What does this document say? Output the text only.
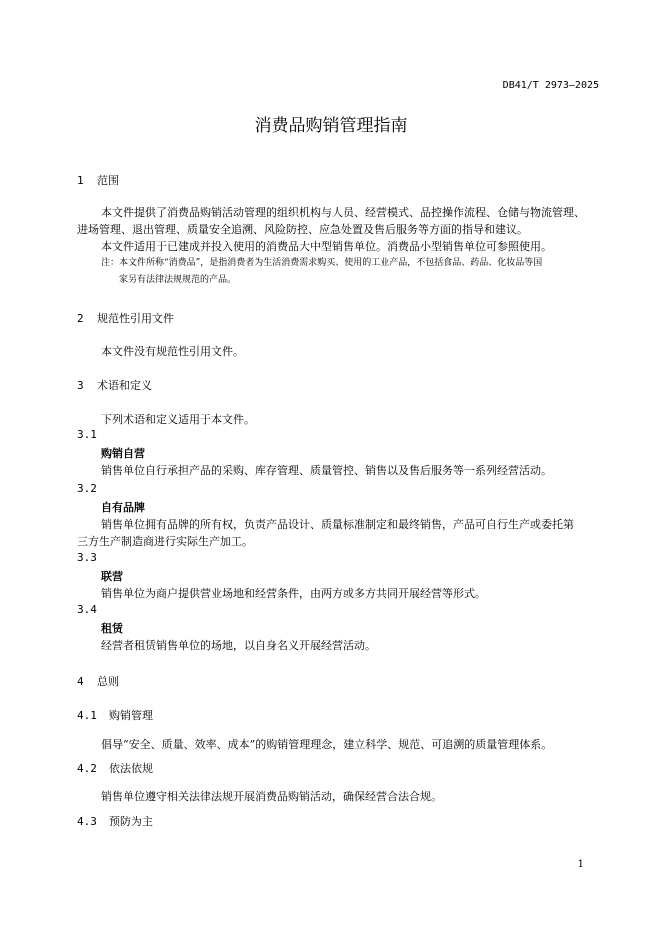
DB41/T 2973—2025
消费品购销管理指南
1 范围
本文件提供了消费品购销活动管理的组织机构与人员、经营模式、品控操作流程、仓储与物流管理、
进场管理、退出管理、质量安全追溯、风险防控、应急处置及售后服务等方面的指导和建议。
本文件适用于已建成并投入使用的消费品大中型销售单位。消费品小型销售单位可参照使用。
注：本文件所称“消费品”，是指消费者为生活消费需求购买、使用的工业产品，不包括食品、药品、化妆品等国
家另有法律法规规范的产品。
2 规范性引用文件
本文件没有规范性引用文件。
3 术语和定义
下列术语和定义适用于本文件。
3.1
购销自营
销售单位自行承担产品的采购、库存管理、质量管控、销售以及售后服务等一系列经营活动。
3.2
自有品牌
销售单位拥有品牌的所有权，负责产品设计、质量标准制定和最终销售，产品可自行生产或委托第
三方生产制造商进行实际生产加工。
3.3
联营
销售单位为商户提供营业场地和经营条件，由两方或多方共同开展经营等形式。
3.4
租赁
经营者租赁销售单位的场地，以自身名义开展经营活动。
4 总则
4.1 购销管理
倡导“安全、质量、效率、成本”的购销管理理念，建立科学、规范、可追溯的质量管理体系。
4.2 依法依规
销售单位遵守相关法律法规开展消费品购销活动，确保经营合法合规。
4.3 预防为主
1
